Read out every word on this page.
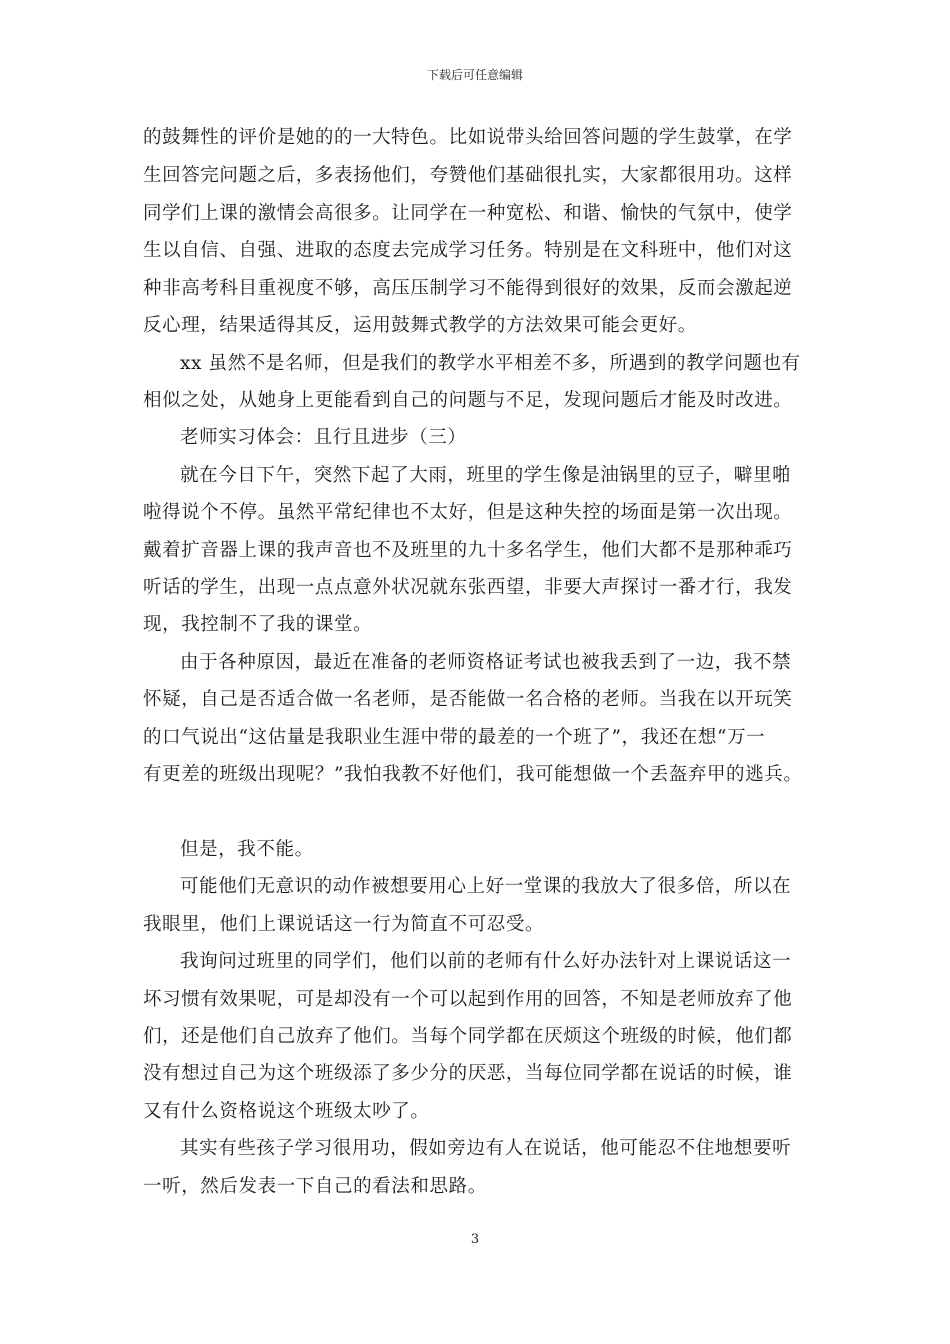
下载后可任意编辑
的鼓舞性的评价是她的的一大特色。比如说带头给回答问题的学生鼓掌，在学
生回答完问题之后，多表扬他们，夸赞他们基础很扎实，大家都很用功。这样
同学们上课的激情会高很多。让同学在一种宽松、和谐、愉快的气氛中，使学
生以自信、自强、进取的态度去完成学习任务。特别是在文科班中，他们对这
种非高考科目重视度不够，高压压制学习不能得到很好的效果，反而会激起逆
反心理，结果适得其反，运用鼓舞式教学的方法效果可能会更好。
xx 虽然不是名师，但是我们的教学水平相差不多，所遇到的教学问题也有
相似之处，从她身上更能看到自己的问题与不足，发现问题后才能及时改进。
老师实习体会：且行且进步（三）
就在今日下午，突然下起了大雨，班里的学生像是油锅里的豆子，噼里啪
啦得说个不停。虽然平常纪律也不太好，但是这种失控的场面是第一次出现。
戴着扩音器上课的我声音也不及班里的九十多名学生，他们大都不是那种乖巧
听话的学生，出现一点点意外状况就东张西望，非要大声探讨一番才行，我发
现，我控制不了我的课堂。
由于各种原因，最近在准备的老师资格证考试也被我丢到了一边，我不禁
怀疑，自己是否适合做一名老师，是否能做一名合格的老师。当我在以开玩笑
的口气说出“这估量是我职业生涯中带的最差的一个班了”，我还在想“万一
有更差的班级出现呢？”我怕我教不好他们，我可能想做一个丢盔弃甲的逃兵。
但是，我不能。
可能他们无意识的动作被想要用心上好一堂课的我放大了很多倍，所以在
我眼里，他们上课说话这一行为简直不可忍受。
我询问过班里的同学们，他们以前的老师有什么好办法针对上课说话这一
坏习惯有效果呢，可是却没有一个可以起到作用的回答，不知是老师放弃了他
们，还是他们自己放弃了他们。当每个同学都在厌烦这个班级的时候，他们都
没有想过自己为这个班级添了多少分的厌恶，当每位同学都在说话的时候，谁
又有什么资格说这个班级太吵了。
其实有些孩子学习很用功，假如旁边有人在说话，他可能忍不住地想要听
一听，然后发表一下自己的看法和思路。
3
